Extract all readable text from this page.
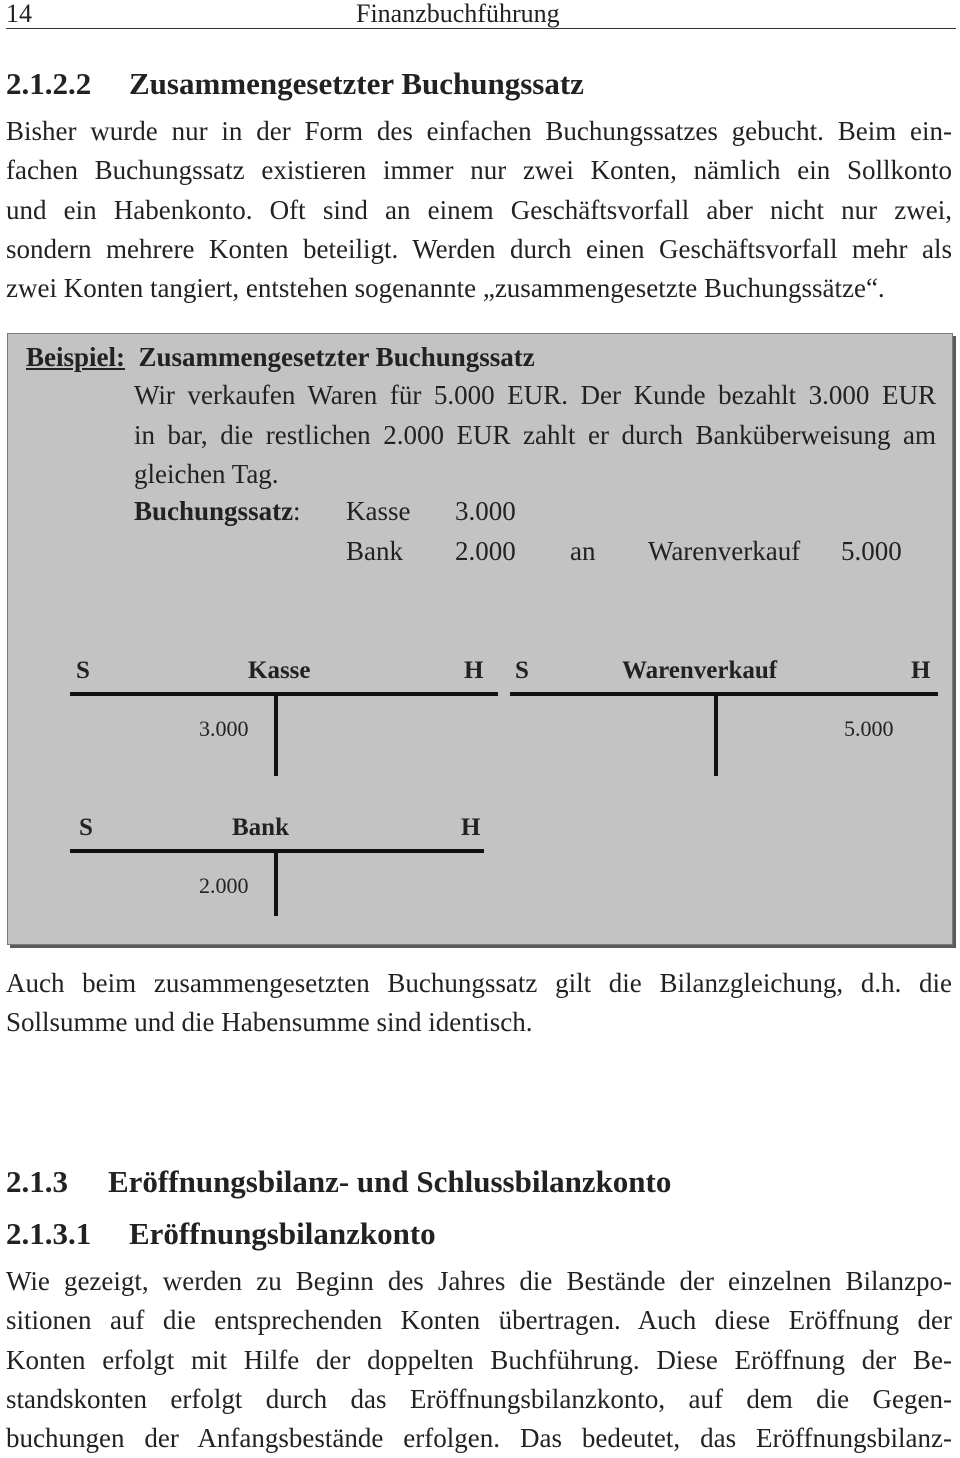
14	Finanzbuchführung
2.1.2.2 Zusammengesetzter Buchungssatz
Bisher wurde nur in der Form des einfachen Buchungssatzes gebucht. Beim ein-
fachen Buchungssatz existieren immer nur zwei Konten, nämlich ein Sollkonto
und ein Habenkonto. Oft sind an einem Geschäftsvorfall aber nicht nur zwei,
sondern mehrere Konten beteiligt. Werden durch einen Geschäftsvorfall mehr als
zwei Konten tangiert, entstehen sogenannte „zusammengesetzte Buchungssätze“.
Beispiel: Zusammengesetzter Buchungssatz
Wir verkaufen Waren für 5.000 EUR. Der Kunde bezahlt 3.000 EUR
in bar, die restlichen 2.000 EUR zahlt er durch Banküberweisung am
gleichen Tag.
Buchungssatz: Kasse 3.000
Bank 2.000 an Warenverkauf 5.000
S	Kasse	H
3.000
S	Warenverkauf	H
5.000
S	Bank	H
2.000
Auch beim zusammengesetzten Buchungssatz gilt die Bilanzgleichung, d.h. die
Sollsumme und die Habensumme sind identisch.
2.1.3 Eröffnungsbilanz- und Schlussbilanzkonto
2.1.3.1 Eröffnungsbilanzkonto
Wie gezeigt, werden zu Beginn des Jahres die Bestände der einzelnen Bilanzpo-
sitionen auf die entsprechenden Konten übertragen. Auch diese Eröffnung der
Konten erfolgt mit Hilfe der doppelten Buchführung. Diese Eröffnung der Be-
standskonten erfolgt durch das Eröffnungsbilanzkonto, auf dem die Gegen-
buchungen der Anfangsbestände erfolgen. Das bedeutet, das Eröffnungsbilanz-
